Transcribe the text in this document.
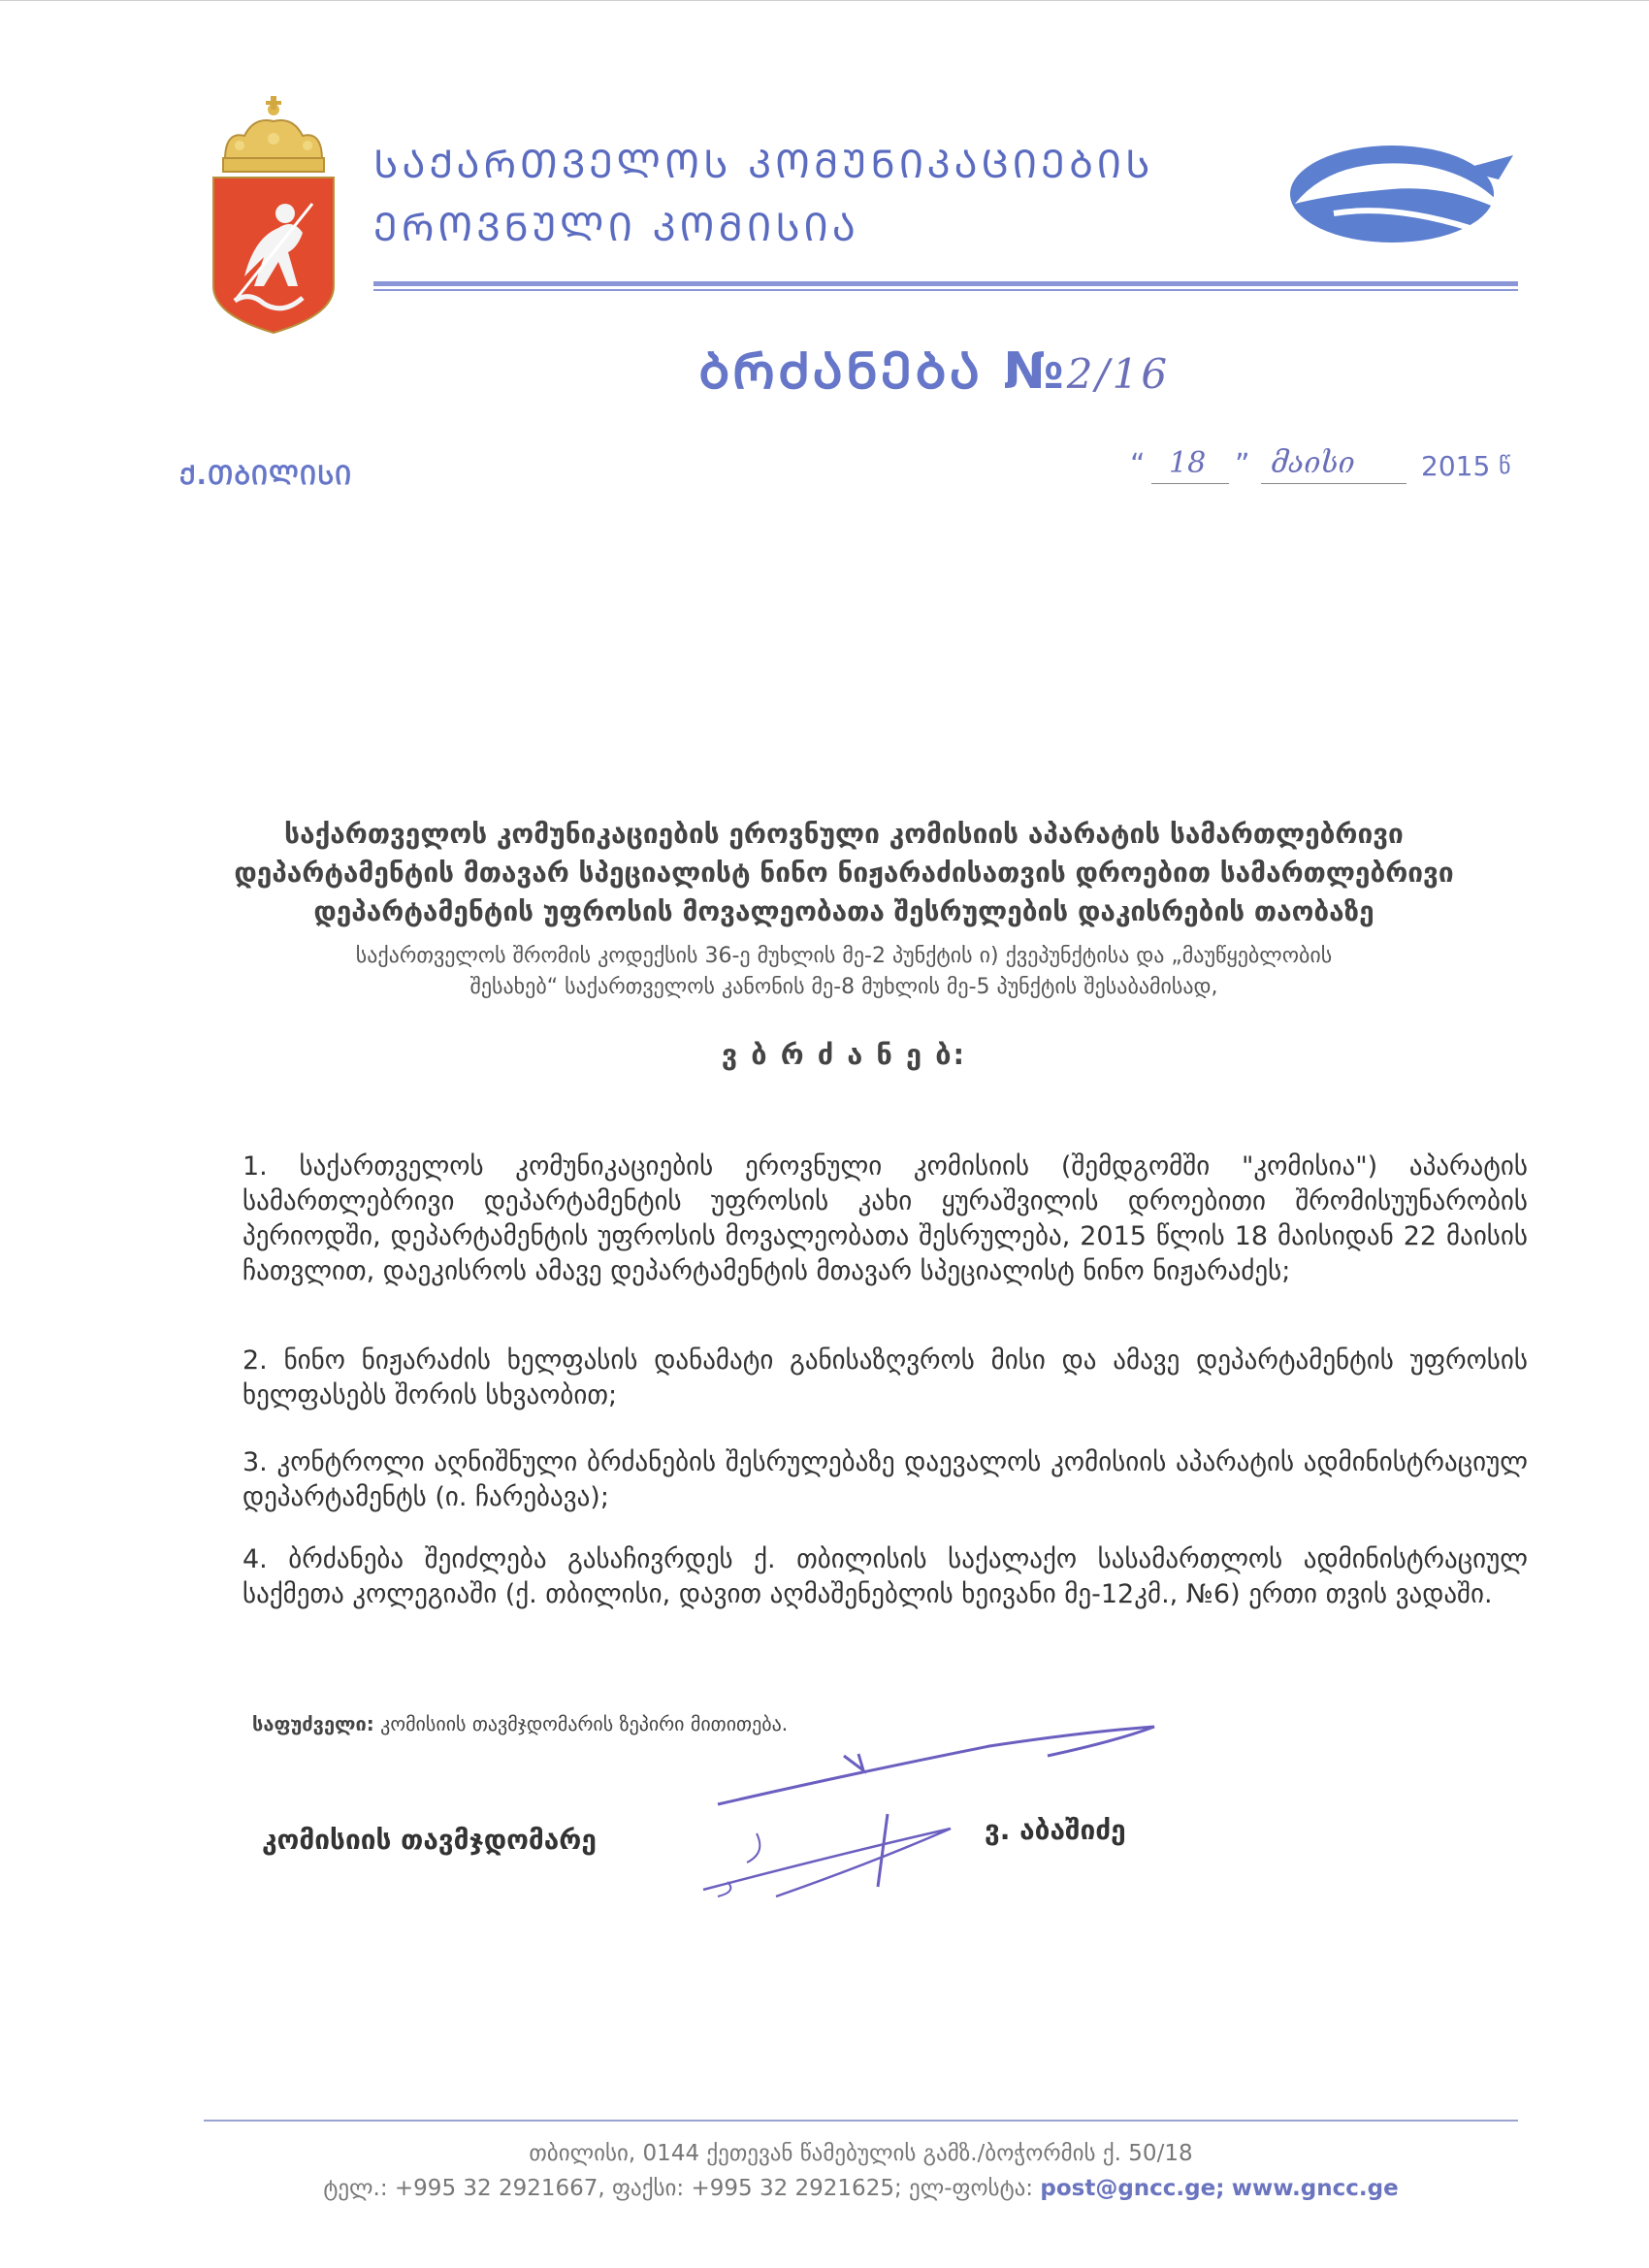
ᲡᲐᲥᲐᲠᲗᲕᲔᲚᲝᲡ ᲙᲝᲛᲣᲜᲘᲙᲐᲪᲘᲔᲑᲘᲡ
ᲔᲠᲝᲕᲜᲣᲚᲘ ᲙᲝᲛᲘᲡᲘᲐ
ᲑᲠᲫᲐᲜᲔᲑᲐ №2/16
Ქ.ᲗᲑᲘᲚᲘᲡᲘ	“ 18 ” მაისი 2015 წ
საქართველოს კომუნიკაციების ეროვნული კომისიის აპარატის სამართლებრივი
დეპარტამენტის მთავარ სპეციალისტ ნინო ნიჟარაძისათვის დროებით სამართლებრივი
დეპარტამენტის უფროსის მოვალეობათა შესრულების დაკისრების თაობაზე
საქართველოს შრომის კოდექსის 36-ე მუხლის მე-2 პუნქტის ი) ქვეპუნქტისა და „მაუწყებლობის
შესახებ“ საქართველოს კანონის მე-8 მუხლის მე-5 პუნქტის შესაბამისად,
ვ ბ რ ძ ა ნ ე ბ:
1. საქართველოს კომუნიკაციების ეროვნული კომისიის (შემდგომში "კომისია") აპარატის სამართლებრივი დეპარტამენტის უფროსის კახი ყურაშვილის დროებითი შრომისუუნარობის პერიოდში, დეპარტამენტის უფროსის მოვალეობათა შესრულება, 2015 წლის 18 მაისიდან 22 მაისის ჩათვლით, დაეკისროს ამავე დეპარტამენტის მთავარ სპეციალისტ ნინო ნიჟარაძეს;
2. ნინო ნიჟარაძის ხელფასის დანამატი განისაზღვროს მისი და ამავე დეპარტამენტის უფროსის ხელფასებს შორის სხვაობით;
3. კონტროლი აღნიშნული ბრძანების შესრულებაზე დაევალოს კომისიის აპარატის ადმინისტრაციულ დეპარტამენტს (ი. ჩარებავა);
4. ბრძანება შეიძლება გასაჩივრდეს ქ. თბილისის საქალაქო სასამართლოს ადმინისტრაციულ საქმეთა კოლეგიაში (ქ. თბილისი, დავით აღმაშენებლის ხეივანი მე-12კმ., №6) ერთი თვის ვადაში.
საფუძველი: კომისიის თავმჯდომარის ზეპირი მითითება.
კომისიის თავმჯდომარე	ვ. აბაშიძე
თბილისი, 0144 ქეთევან წამებულის გამზ./ბოჭორმის ქ. 50/18
ტელ.: +995 32 2921667, ფაქსი: +995 32 2921625; ელ-ფოსტა: post@gncc.ge; www.gncc.ge
